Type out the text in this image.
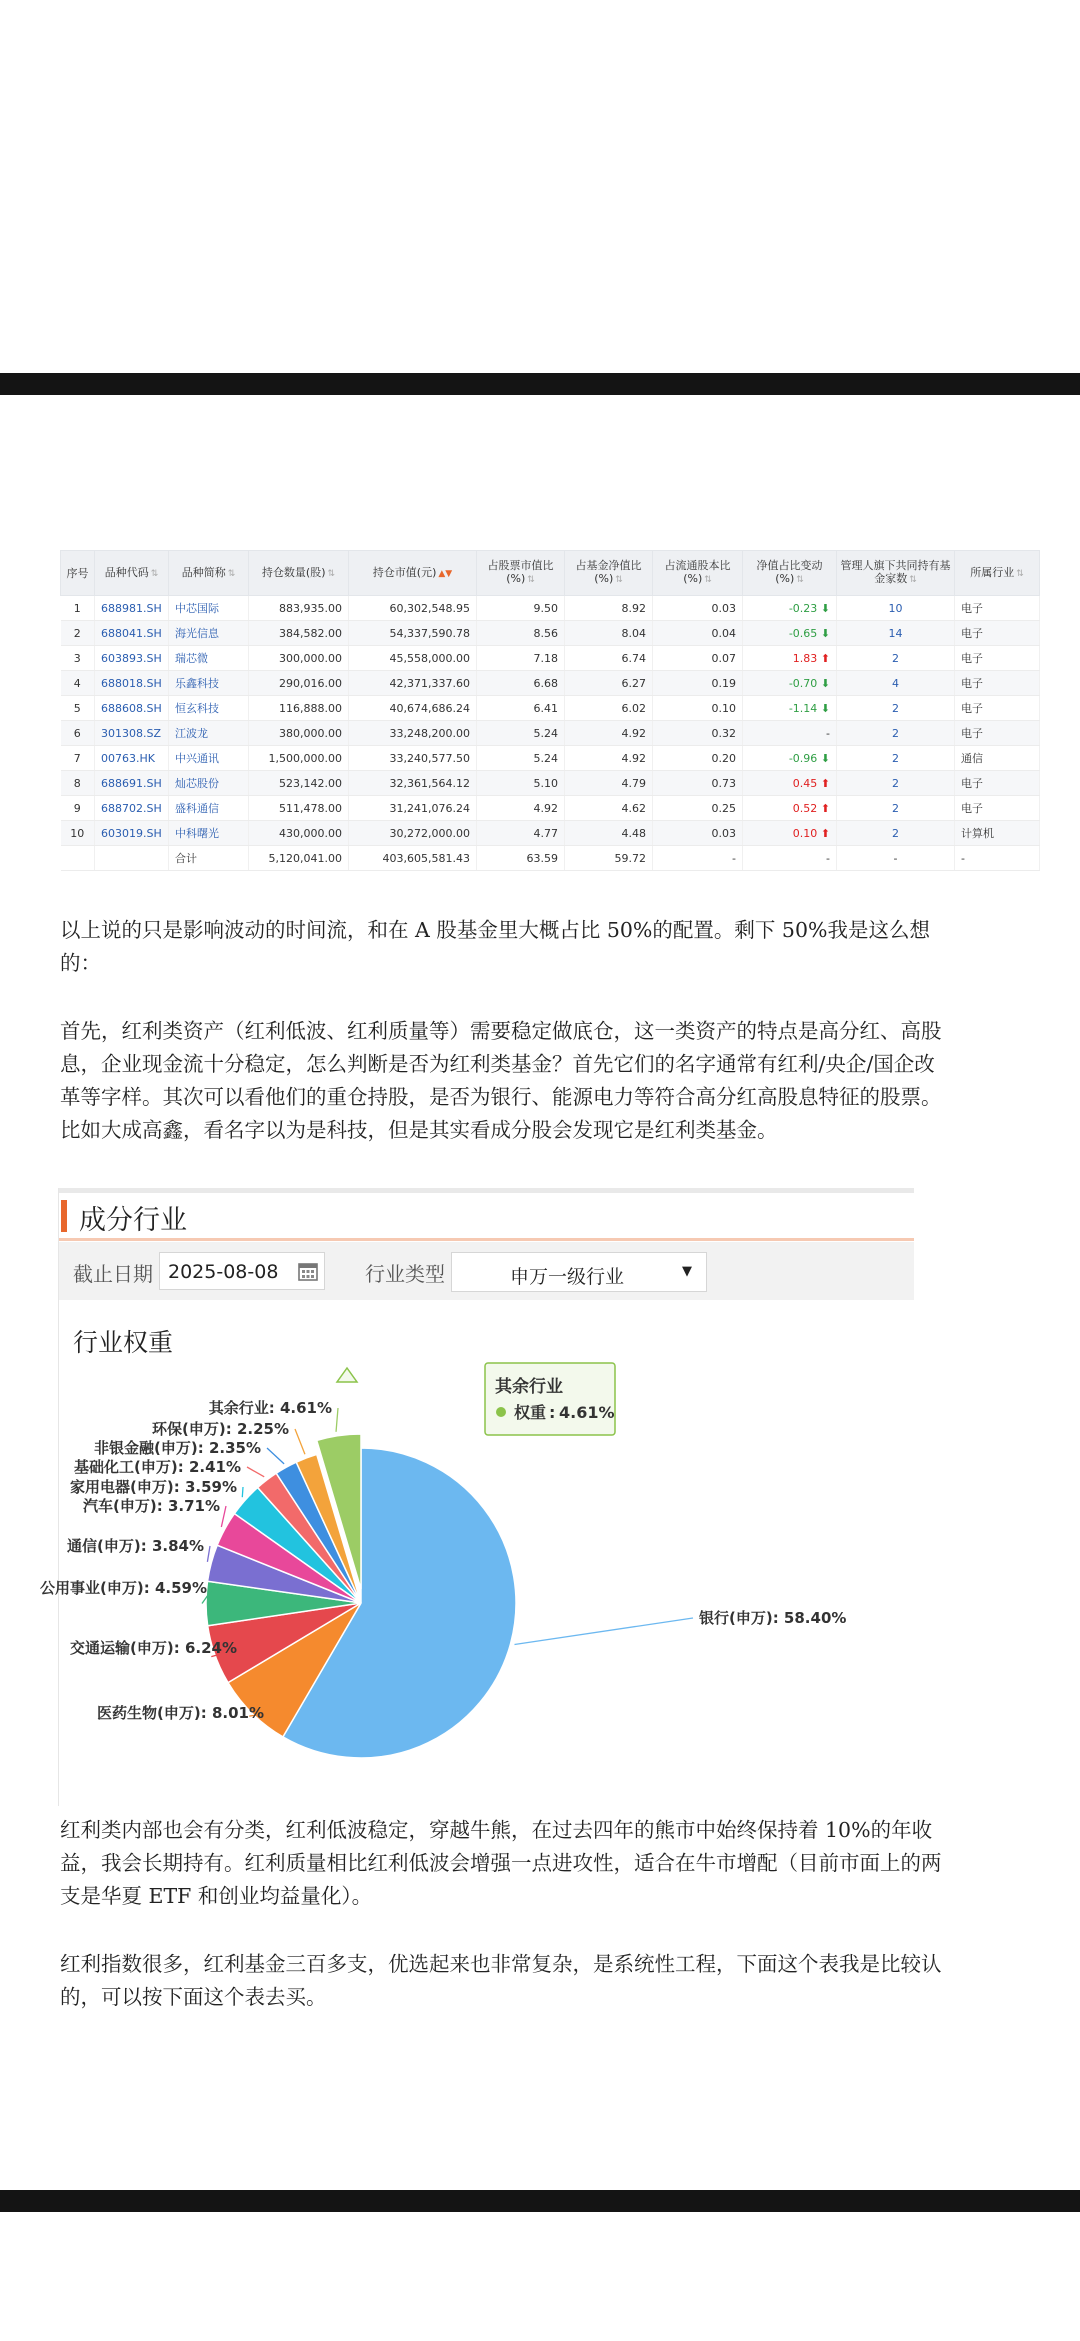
序号	品种代码 ⇅	品种简称 ⇅	持仓数量(股) ⇅	持仓市值(元) ▲▼	占股票市值比(%) ⇅	占基金净值比(%) ⇅	占流通股本比(%) ⇅	净值占比变动(%) ⇅	管理人旗下共同持有基金家数 ⇅	所属行业 ⇅
1	688981.SH	中芯国际	883,935.00	60,302,548.95	9.50	8.92	0.03	-0.23 ⬇	10	电子
2	688041.SH	海光信息	384,582.00	54,337,590.78	8.56	8.04	0.04	-0.65 ⬇	14	电子
3	603893.SH	瑞芯微	300,000.00	45,558,000.00	7.18	6.74	0.07	1.83 ⬆	2	电子
4	688018.SH	乐鑫科技	290,016.00	42,371,337.60	6.68	6.27	0.19	-0.70 ⬇	4	电子
5	688608.SH	恒玄科技	116,888.00	40,674,686.24	6.41	6.02	0.10	-1.14 ⬇	2	电子
6	301308.SZ	江波龙	380,000.00	33,248,200.00	5.24	4.92	0.32	-	2	电子
7	00763.HK	中兴通讯	1,500,000.00	33,240,577.50	5.24	4.92	0.20	-0.96 ⬇	2	通信
8	688691.SH	灿芯股份	523,142.00	32,361,564.12	5.10	4.79	0.73	0.45 ⬆	2	电子
9	688702.SH	盛科通信	511,478.00	31,241,076.24	4.92	4.62	0.25	0.52 ⬆	2	电子
10	603019.SH	中科曙光	430,000.00	30,272,000.00	4.77	4.48	0.03	0.10 ⬆	2	计算机
		合计	5,120,041.00	403,605,581.43	63.59	59.72	-	-	-	-

以上说的只是影响波动的时间流，和在 A 股基金里大概占比 50%的配置。剩下 50%我是这么想的：

首先，红利类资产（红利低波、红利质量等）需要稳定做底仓，这一类资产的特点是高分红、高股息，企业现金流十分稳定，怎么判断是否为红利类基金？首先它们的名字通常有红利/央企/国企改革等字样。其次可以看他们的重仓持股，是否为银行、能源电力等符合高分红高股息特征的股票。比如大成高鑫，看名字以为是科技，但是其实看成分股会发现它是红利类基金。

成分行业
截止日期 2025-08-08	行业类型	申万一级行业	▼
行业权重
银行(申万): 58.40%
医药生物(申万): 8.01%
交通运输(申万): 6.24%
公用事业(申万): 4.59%
通信(申万): 3.84%
汽车(申万): 3.71%
家用电器(申万): 3.59%
基础化工(申万): 2.41%
非银金融(申万): 2.35%
环保(申万): 2.25%
其余行业: 4.61%
其余行业
权重 : 4.61%

红利类内部也会有分类，红利低波稳定，穿越牛熊，在过去四年的熊市中始终保持着 10%的年收益，我会长期持有。红利质量相比红利低波会增强一点进攻性，适合在牛市增配（目前市面上的两支是华夏 ETF 和创业均益量化）。

红利指数很多，红利基金三百多支，优选起来也非常复杂，是系统性工程，下面这个表我是比较认的，可以按下面这个表去买。
